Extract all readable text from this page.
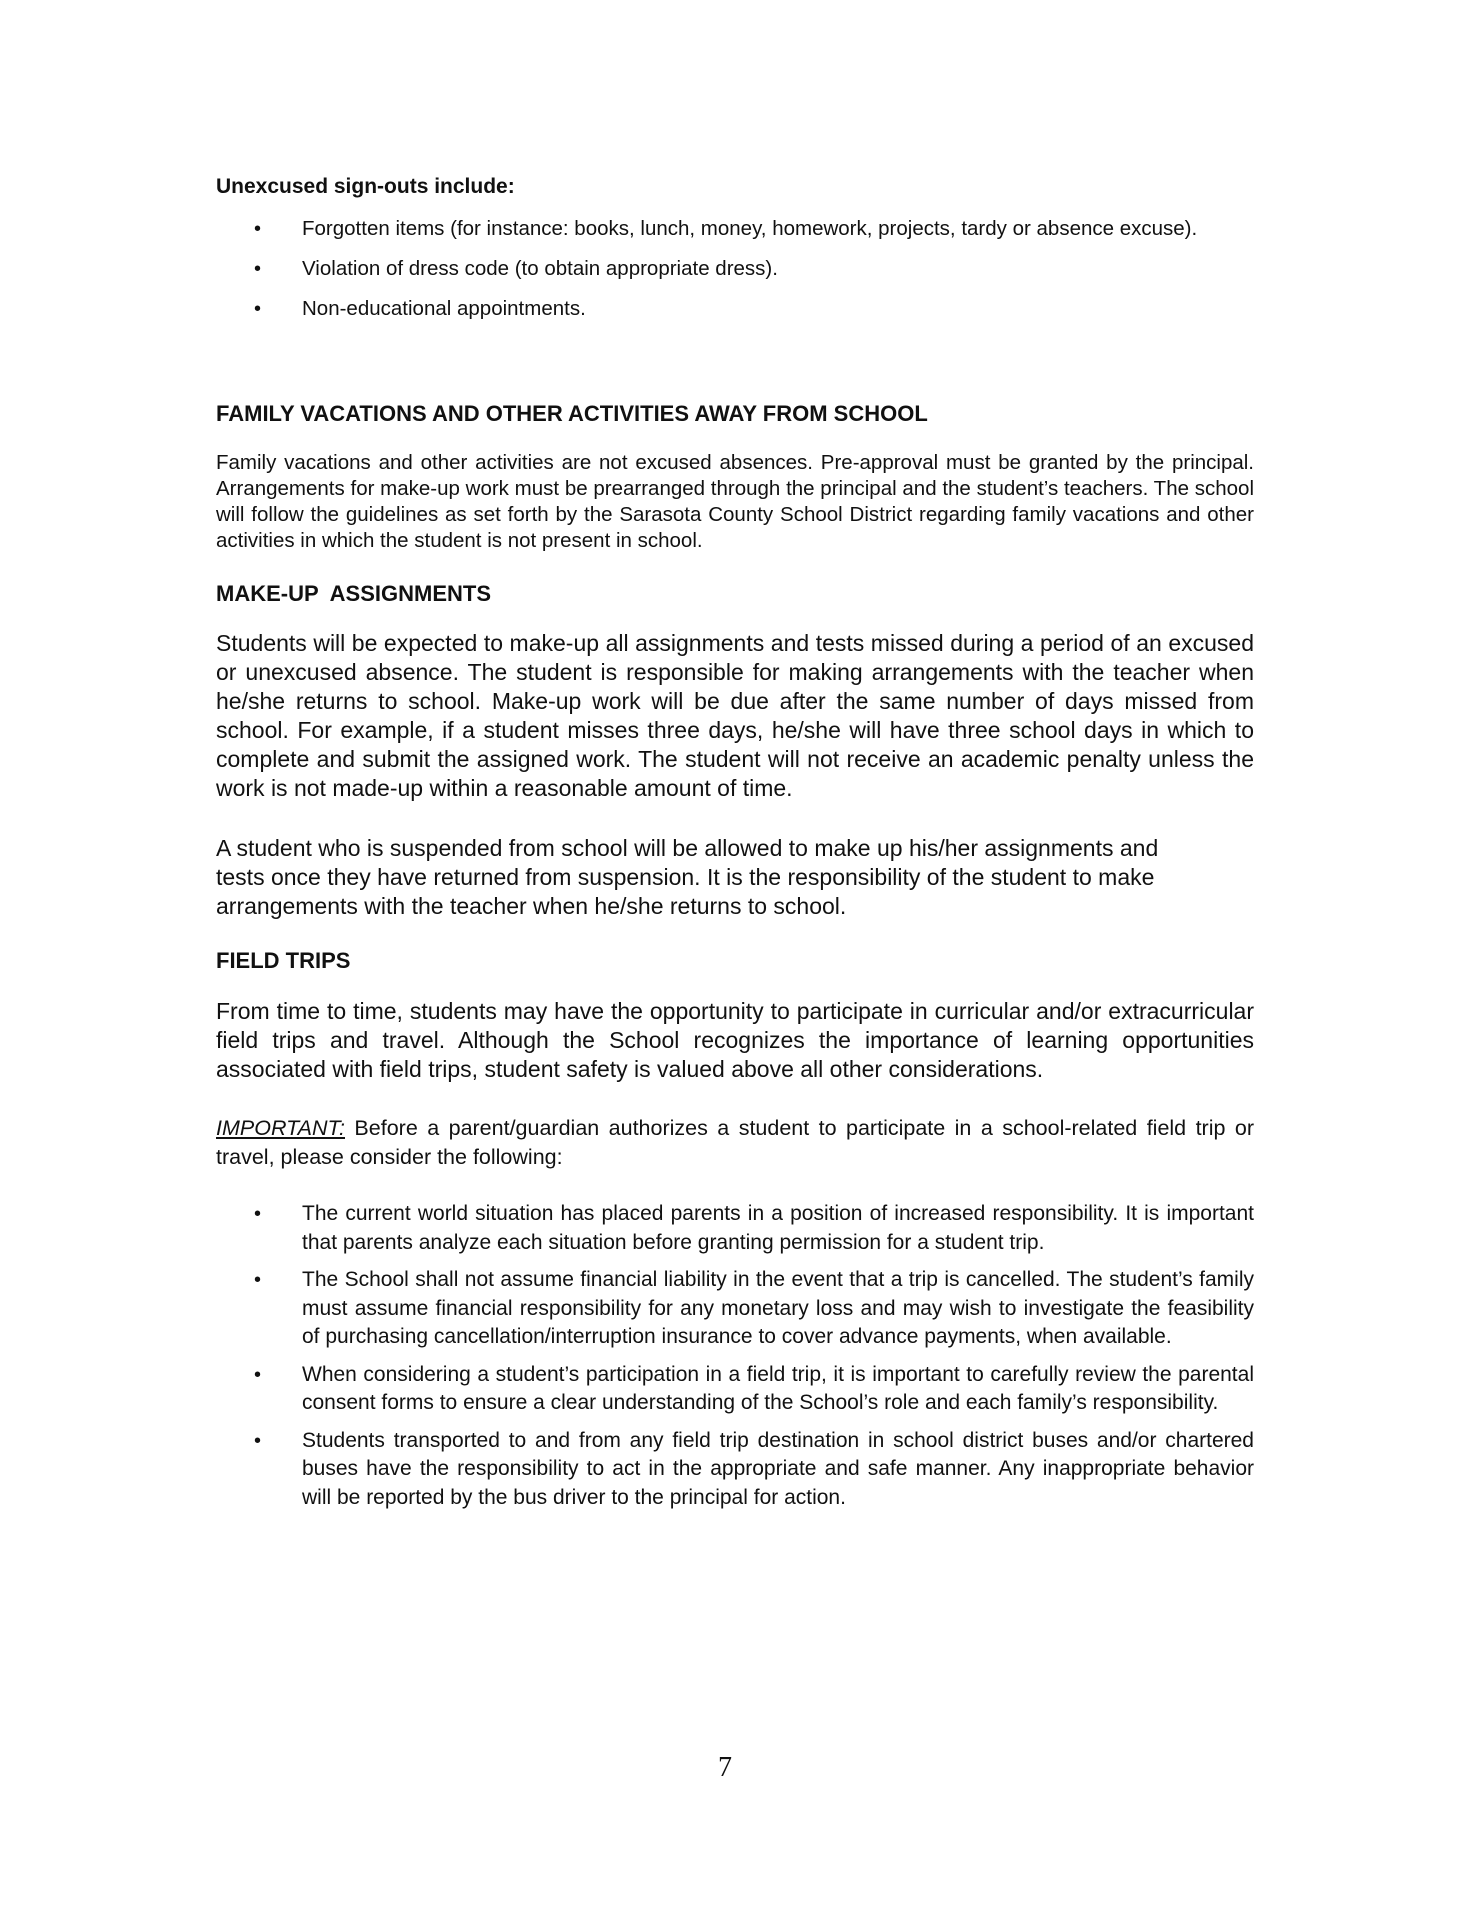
Unexcused sign-outs include:
• Forgotten items (for instance: books, lunch, money, homework, projects, tardy or absence excuse).
• Violation of dress code (to obtain appropriate dress).
• Non-educational appointments.
FAMILY VACATIONS AND OTHER ACTIVITIES AWAY FROM SCHOOL

Family vacations and other activities are not excused absences. Pre-approval must be granted by the principal. Arrangements for make-up work must be prearranged through the principal and the student’s teachers. The school will follow the guidelines as set forth by the Sarasota County School District regarding family vacations and other activities in which the student is not present in school.

MAKE-UP  ASSIGNMENTS

Students will be expected to make-up all assignments and tests missed during a period of an excused or unexcused absence. The student is responsible for making arrangements with the teacher when he/she returns to school. Make-up work will be due after the same number of days missed from school. For example, if a student misses three days, he/she will have three school days in which to complete and submit the assigned work. The student will not receive an academic penalty unless the work is not made-up within a reasonable amount of time.

A student who is suspended from school will be allowed to make up his/her assignments and tests once they have returned from suspension. It is the responsibility of the student to make arrangements with the teacher when he/she returns to school.

FIELD TRIPS

From time to time, students may have the opportunity to participate in curricular and/or extracurricular field trips and travel. Although the School recognizes the importance of learning opportunities associated with field trips, student safety is valued above all other considerations.

IMPORTANT: Before a parent/guardian authorizes a student to participate in a school-related field trip or travel, please consider the following:

• The current world situation has placed parents in a position of increased responsibility. It is important that parents analyze each situation before granting permission for a student trip.
• The School shall not assume financial liability in the event that a trip is cancelled. The student’s family must assume financial responsibility for any monetary loss and may wish to investigate the feasibility of purchasing cancellation/interruption insurance to cover advance payments, when available.
• When considering a student’s participation in a field trip, it is important to carefully review the parental consent forms to ensure a clear understanding of the School’s role and each family’s responsibility.
• Students transported to and from any field trip destination in school district buses and/or chartered buses have the responsibility to act in the appropriate and safe manner. Any inappropriate behavior will be reported by the bus driver to the principal for action.
7
